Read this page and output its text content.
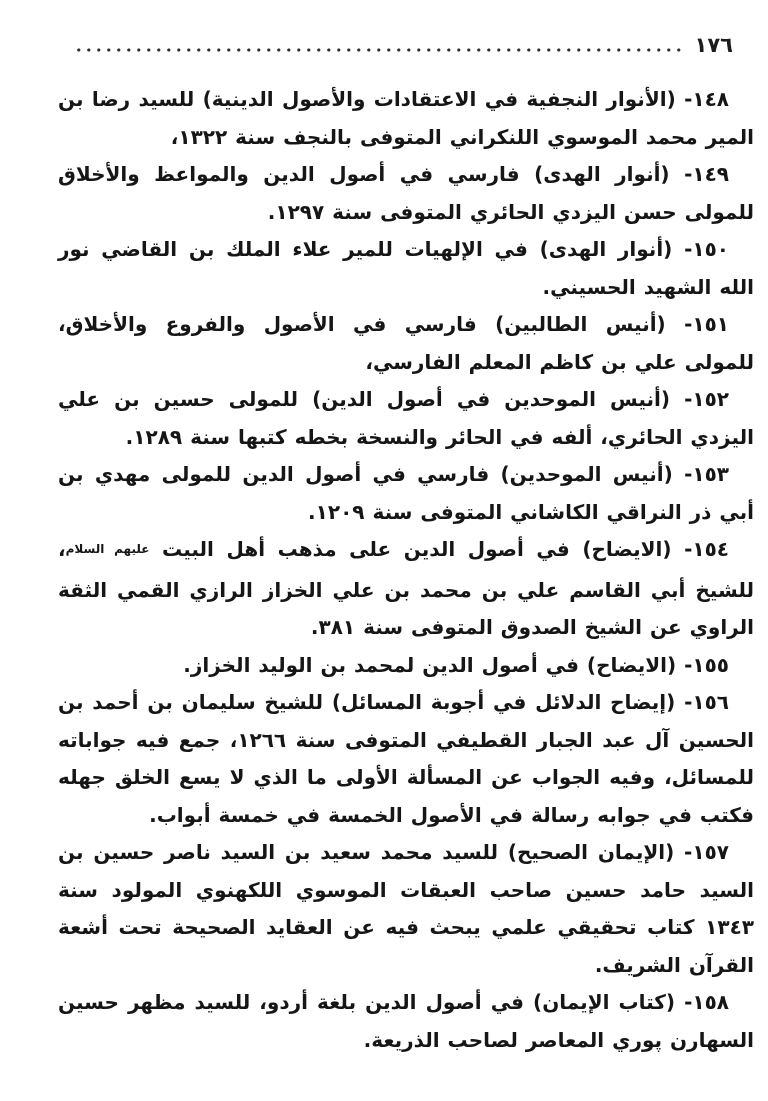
١٧٦

١٤٨- (الأنوار النجفية في الاعتقادات والأصول الدينية) للسيد رضا بن المير محمد الموسوي اللنكراني المتوفى بالنجف سنة ١٣٢٢،

١٤٩- (أنوار الهدى) فارسي في أصول الدين والمواعظ والأخلاق للمولى حسن اليزدي الحائري المتوفى سنة ١٢٩٧.

١٥٠- (أنوار الهدى) في الإلهيات للمير علاء الملك بن القاضي نور الله الشهيد الحسيني.

١٥١- (أنيس الطالبين) فارسي في الأصول والفروع والأخلاق، للمولى علي بن كاظم المعلم الفارسي،

١٥٢- (أنيس الموحدين في أصول الدين) للمولى حسين بن علي اليزدي الحائري، ألفه في الحائر والنسخة بخطه كتبها سنة ١٢٨٩.

١٥٣- (أنيس الموحدين) فارسي في أصول الدين للمولى مهدي بن أبي ذر النراقي الكاشاني المتوفى سنة ١٢٠٩.

١٥٤- (الايضاح) في أصول الدين على مذهب أهل البيت عليهم السلام، للشيخ أبي القاسم علي بن محمد بن علي الخزاز الرازي القمي الثقة الراوي عن الشيخ الصدوق المتوفى سنة ٣٨١.

١٥٥- (الايضاح) في أصول الدين لمحمد بن الوليد الخزاز.

١٥٦- (إيضاح الدلائل في أجوبة المسائل) للشيخ سليمان بن أحمد بن الحسين آل عبد الجبار القطيفي المتوفى سنة ١٢٦٦، جمع فيه جواباته للمسائل، وفيه الجواب عن المسألة الأولى ما الذي لا يسع الخلق جهله فكتب في جوابه رسالة في الأصول الخمسة في خمسة أبواب.

١٥٧- (الإيمان الصحيح) للسيد محمد سعيد بن السيد ناصر حسين بن السيد حامد حسين صاحب العبقات الموسوي اللكهنوي المولود سنة ١٣٤٣ كتاب تحقيقي علمي يبحث فيه عن العقايد الصحيحة تحت أشعة القرآن الشريف.

١٥٨- (كتاب الإيمان) في أصول الدين بلغة أردو، للسيد مظهر حسين السهارن پوري المعاصر لصاحب الذريعة.
